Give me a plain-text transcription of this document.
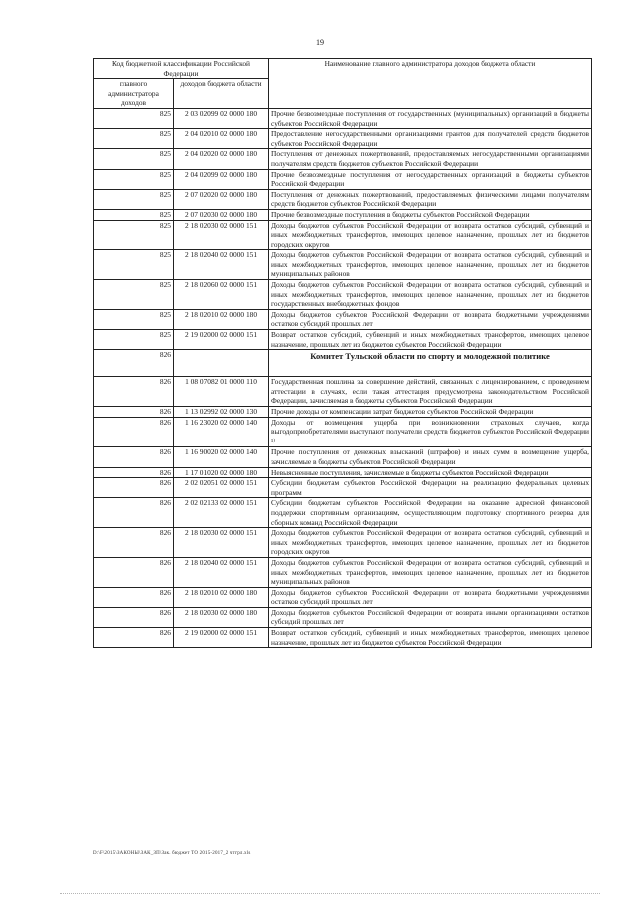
19
Код бюджетной классификации Российской Федерации		Наименование главного администратора доходов бюджета области
главного администратора доходов	доходов бюджета области	
825	2 03 02099 02 0000 180	Прочие безвозмездные поступления от государственных (муниципальных) организаций в бюджеты субъектов Российской Федерации
825	2 04 02010 02 0000 180	Предоставление негосударственными организациями грантов для получателей средств бюджетов субъектов Российской Федерации
825	2 04 02020 02 0000 180	Поступления от денежных пожертвований, предоставляемых негосударственными организациями получателям средств бюджетов субъектов Российской Федерации
825	2 04 02099 02 0000 180	Прочие безвозмездные поступления от негосударственных организаций в бюджеты субъектов Российской Федерации
825	2 07 02020 02 0000 180	Поступления от денежных пожертвований, предоставляемых физическими лицами получателям средств бюджетов субъектов Российской Федерации
825	2 07 02030 02 0000 180	Прочие безвозмездные поступления в бюджеты субъектов Российской Федерации
825	2 18 02030 02 0000 151	Доходы бюджетов субъектов Российской Федерации от возврата остатков субсидий, субвенций и иных межбюджетных трансфертов, имеющих целевое назначение, прошлых лет из бюджетов городских округов
825	2 18 02040 02 0000 151	Доходы бюджетов субъектов Российской Федерации от возврата остатков субсидий, субвенций и иных межбюджетных трансфертов, имеющих целевое назначение, прошлых лет из бюджетов муниципальных районов
825	2 18 02060 02 0000 151	Доходы бюджетов субъектов Российской Федерации от возврата остатков субсидий, субвенций и иных межбюджетных трансфертов, имеющих целевое назначение, прошлых лет из бюджетов государственных внебюджетных фондов
825	2 18 02010 02 0000 180	Доходы бюджетов субъектов Российской Федерации от возврата бюджетными учреждениями остатков субсидий прошлых лет
825	2 19 02000 02 0000 151	Возврат остатков субсидий, субвенций и иных межбюджетных трансфертов, имеющих целевое назначение, прошлых лет из бюджетов субъектов Российской Федерации
826		Комитет Тульской области по спорту и молодежной политике
826	1 08 07082 01 0000 110	Государственная пошлина за совершение действий, связанных с лицензированием, с проведением аттестации в случаях, если такая аттестация предусмотрена законодательством Российской Федерации, зачисляемая в бюджеты субъектов Российской Федерации
826	1 13 02992 02 0000 130	Прочие доходы от компенсации затрат бюджетов субъектов Российской Федерации
826	1 16 23020 02 0000 140	Доходы от возмещения ущерба при возникновении страховых случаев, когда выгодоприобретателями выступают получатели средств бюджетов субъектов Российской Федерации ¹⁾
826	1 16 90020 02 0000 140	Прочие поступления от денежных взысканий (штрафов) и иных сумм в возмещение ущерба, зачисляемые в бюджеты субъектов Российской Федерации
826	1 17 01020 02 0000 180	Невыясненные поступления, зачисляемые в бюджеты субъектов Российской Федерации
826	2 02 02051 02 0000 151	Субсидии бюджетам субъектов Российской Федерации на реализацию федеральных целевых программ
826	2 02 02133 02 0000 151	Субсидии бюджетам субъектов Российской Федерации на оказание адресной финансовой поддержки спортивным организациям, осуществляющим подготовку спортивного резерва для сборных команд Российской Федерации
826	2 18 02030 02 0000 151	Доходы бюджетов субъектов Российской Федерации от возврата остатков субсидий, субвенций и иных межбюджетных трансфертов, имеющих целевое назначение, прошлых лет из бюджетов городских округов
826	2 18 02040 02 0000 151	Доходы бюджетов субъектов Российской Федерации от возврата остатков субсидий, субвенций и иных межбюджетных трансфертов, имеющих целевое назначение, прошлых лет из бюджетов муниципальных районов
826	2 18 02010 02 0000 180	Доходы бюджетов субъектов Российской Федерации от возврата бюджетными учреждениями остатков субсидий прошлых лет
826	2 18 02030 02 0000 180	Доходы бюджетов субъектов Российской Федерации от возврата иными организациями остатков субсидий прошлых лет
826	2 19 02000 02 0000 151	Возврат остатков субсидий, субвенций и иных межбюджетных трансфертов, имеющих целевое назначение, прошлых лет из бюджетов субъектов Российской Федерации
D:\F\2015\ЗАКОНЫ\ЗАК_ЗП\Зак. бюджет ТО 2015-2017_2 чтгрл.xls
